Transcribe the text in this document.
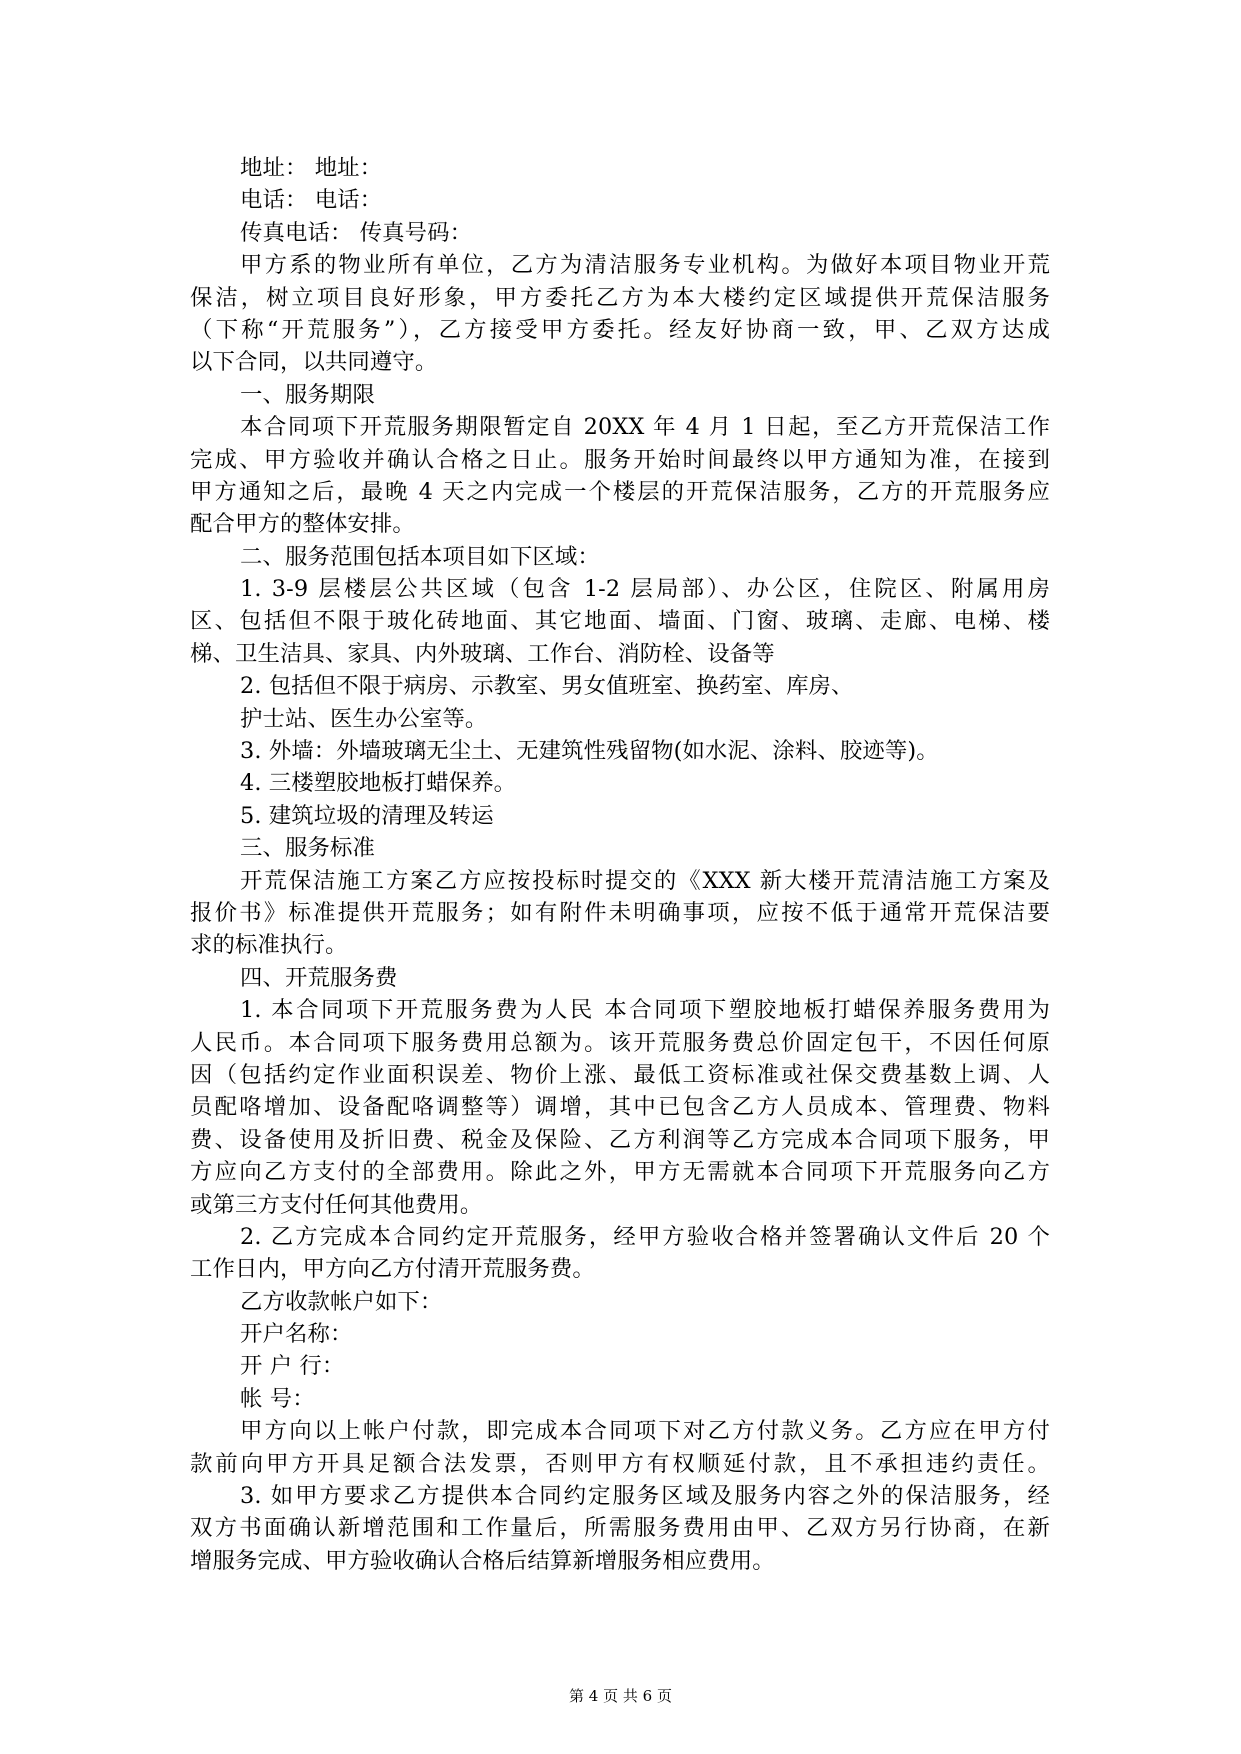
地址： 地址：
电话： 电话：
传真电话： 传真号码：
甲方系的物业所有单位，乙方为清洁服务专业机构。为做好本项目物业开荒
保洁，树立项目良好形象，甲方委托乙方为本大楼约定区域提供开荒保洁服务
（下称“开荒服务”），乙方接受甲方委托。经友好协商一致，甲、乙双方达成
以下合同，以共同遵守。
一、服务期限
本合同项下开荒服务期限暂定自 20XX 年 4 月 1 日起，至乙方开荒保洁工作
完成、甲方验收并确认合格之日止。服务开始时间最终以甲方通知为准，在接到
甲方通知之后，最晚 4 天之内完成一个楼层的开荒保洁服务，乙方的开荒服务应
配合甲方的整体安排。
二、服务范围包括本项目如下区域：
1. 3-9 层楼层公共区域（包含 1-2 层局部）、办公区，住院区、附属用房
区、包括但不限于玻化砖地面、其它地面、墙面、门窗、玻璃、走廊、电梯、楼
梯、卫生洁具、家具、内外玻璃、工作台、消防栓、设备等
2. 包括但不限于病房、示教室、男女值班室、换药室、库房、
护士站、医生办公室等。
3. 外墙：外墙玻璃无尘土、无建筑性残留物(如水泥、涂料、胶迹等)。
4. 三楼塑胶地板打蜡保养。
5. 建筑垃圾的清理及转运
三、服务标准
开荒保洁施工方案乙方应按投标时提交的《XXX 新大楼开荒清洁施工方案及
报价书》标准提供开荒服务；如有附件未明确事项，应按不低于通常开荒保洁要
求的标准执行。
四、开荒服务费
1. 本合同项下开荒服务费为人民 本合同项下塑胶地板打蜡保养服务费用为
人民币。本合同项下服务费用总额为。该开荒服务费总价固定包干，不因任何原
因（包括约定作业面积误差、物价上涨、最低工资标准或社保交费基数上调、人
员配咯增加、设备配咯调整等）调增，其中已包含乙方人员成本、管理费、物料
费、设备使用及折旧费、税金及保险、乙方利润等乙方完成本合同项下服务，甲
方应向乙方支付的全部费用。除此之外，甲方无需就本合同项下开荒服务向乙方
或第三方支付任何其他费用。
2. 乙方完成本合同约定开荒服务，经甲方验收合格并签署确认文件后 20 个
工作日内，甲方向乙方付清开荒服务费。
乙方收款帐户如下：
开户名称：
开 户 行：
帐 号：
甲方向以上帐户付款，即完成本合同项下对乙方付款义务。乙方应在甲方付
款前向甲方开具足额合法发票，否则甲方有权顺延付款，且不承担违约责任。
3. 如甲方要求乙方提供本合同约定服务区域及服务内容之外的保洁服务，经
双方书面确认新增范围和工作量后，所需服务费用由甲、乙双方另行协商，在新
增服务完成、甲方验收确认合格后结算新增服务相应费用。
第 4 页 共 6 页
